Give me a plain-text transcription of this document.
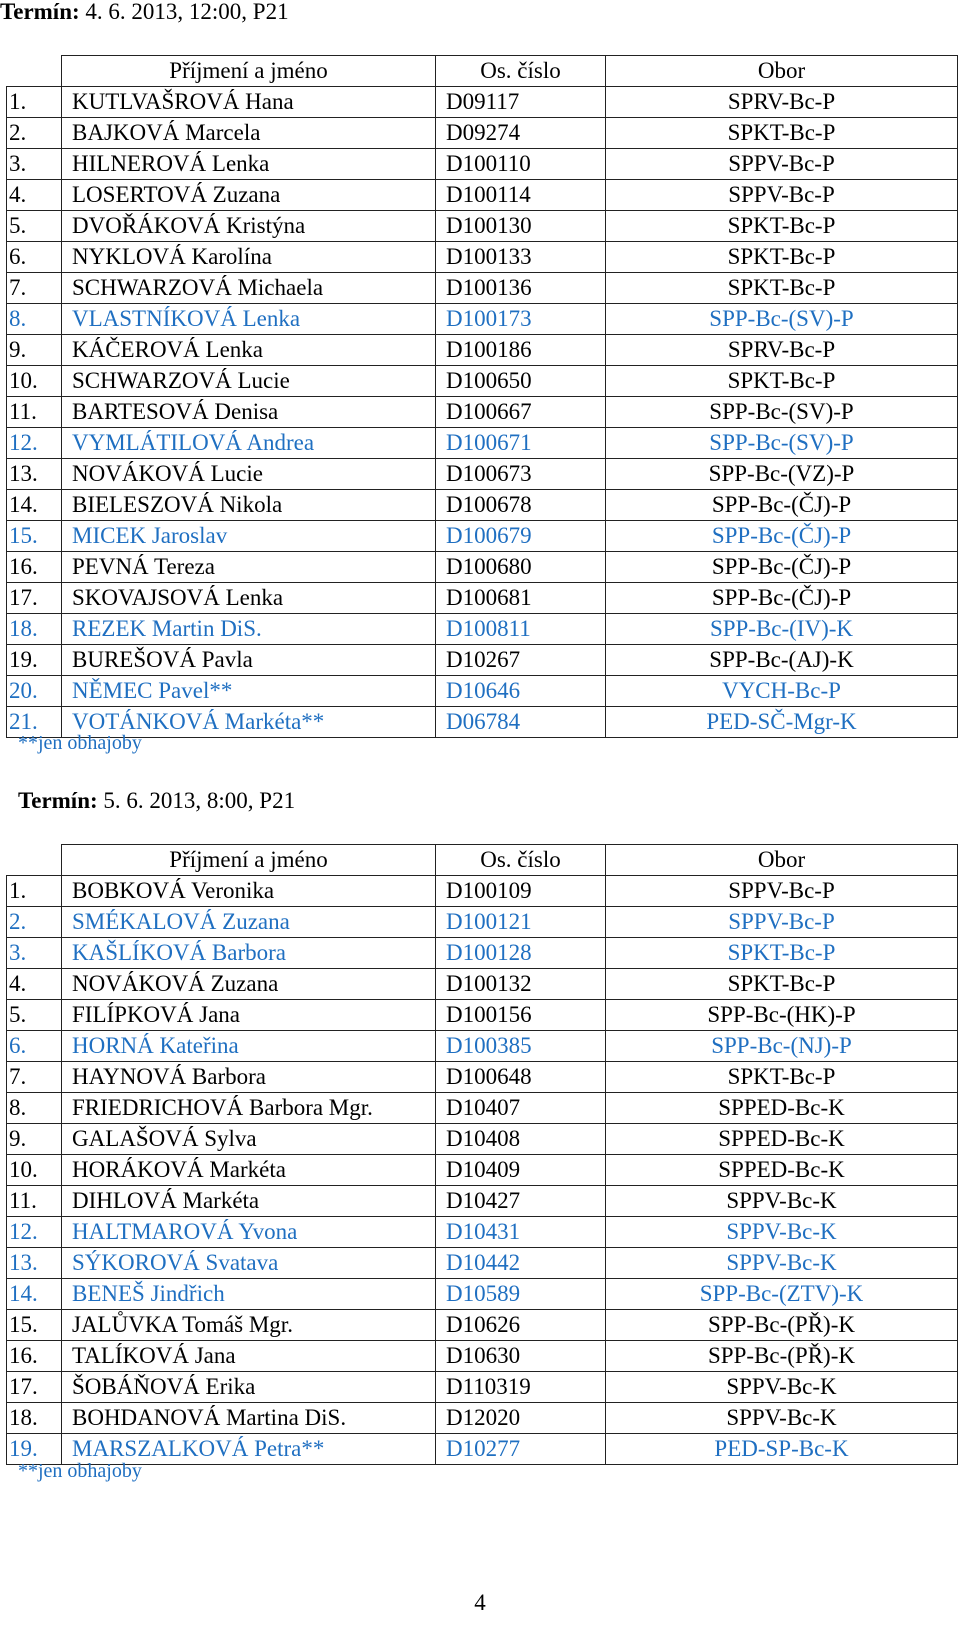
Termín: 4. 6. 2013, 12:00, P21
	Příjmení a jméno	Os. číslo	Obor
1.	KUTLVAŠROVÁ Hana	D09117	SPRV-Bc-P
2.	BAJKOVÁ Marcela	D09274	SPKT-Bc-P
3.	HILNEROVÁ Lenka	D100110	SPPV-Bc-P
4.	LOSERTOVÁ Zuzana	D100114	SPPV-Bc-P
5.	DVOŘÁKOVÁ Kristýna	D100130	SPKT-Bc-P
6.	NYKLOVÁ Karolína	D100133	SPKT-Bc-P
7.	SCHWARZOVÁ Michaela	D100136	SPKT-Bc-P
8.	VLASTNÍKOVÁ Lenka	D100173	SPP-Bc-(SV)-P
9.	KÁČEROVÁ Lenka	D100186	SPRV-Bc-P
10.	SCHWARZOVÁ Lucie	D100650	SPKT-Bc-P
11.	BARTESOVÁ Denisa	D100667	SPP-Bc-(SV)-P
12.	VYMLÁTILOVÁ Andrea	D100671	SPP-Bc-(SV)-P
13.	NOVÁKOVÁ Lucie	D100673	SPP-Bc-(VZ)-P
14.	BIELESZOVÁ Nikola	D100678	SPP-Bc-(ČJ)-P
15.	MICEK Jaroslav	D100679	SPP-Bc-(ČJ)-P
16.	PEVNÁ Tereza	D100680	SPP-Bc-(ČJ)-P
17.	SKOVAJSOVÁ Lenka	D100681	SPP-Bc-(ČJ)-P
18.	REZEK Martin DiS.	D100811	SPP-Bc-(IV)-K
19.	BUREŠOVÁ Pavla	D10267	SPP-Bc-(AJ)-K
20.	NĚMEC Pavel**	D10646	VYCH-Bc-P
21.	VOTÁNKOVÁ Markéta**	D06784	PED-SČ-Mgr-K
**jen obhajoby
Termín: 5. 6. 2013, 8:00, P21
	Příjmení a jméno	Os. číslo	Obor
1.	BOBKOVÁ Veronika	D100109	SPPV-Bc-P
2.	SMÉKALOVÁ Zuzana	D100121	SPPV-Bc-P
3.	KAŠLÍKOVÁ Barbora	D100128	SPKT-Bc-P
4.	NOVÁKOVÁ Zuzana	D100132	SPKT-Bc-P
5.	FILÍPKOVÁ Jana	D100156	SPP-Bc-(HK)-P
6.	HORNÁ Kateřina	D100385	SPP-Bc-(NJ)-P
7.	HAYNOVÁ Barbora	D100648	SPKT-Bc-P
8.	FRIEDRICHOVÁ Barbora Mgr.	D10407	SPPED-Bc-K
9.	GALAŠOVÁ Sylva	D10408	SPPED-Bc-K
10.	HORÁKOVÁ Markéta	D10409	SPPED-Bc-K
11.	DIHLOVÁ Markéta	D10427	SPPV-Bc-K
12.	HALTMAROVÁ Yvona	D10431	SPPV-Bc-K
13.	SÝKOROVÁ Svatava	D10442	SPPV-Bc-K
14.	BENEŠ Jindřich	D10589	SPP-Bc-(ZTV)-K
15.	JALŮVKA Tomáš Mgr.	D10626	SPP-Bc-(PŘ)-K
16.	TALÍKOVÁ Jana	D10630	SPP-Bc-(PŘ)-K
17.	ŠOBÁŇOVÁ Erika	D110319	SPPV-Bc-K
18.	BOHDANOVÁ Martina DiS.	D12020	SPPV-Bc-K
19.	MARSZALKOVÁ Petra**	D10277	PED-SP-Bc-K
**jen obhajoby
4
